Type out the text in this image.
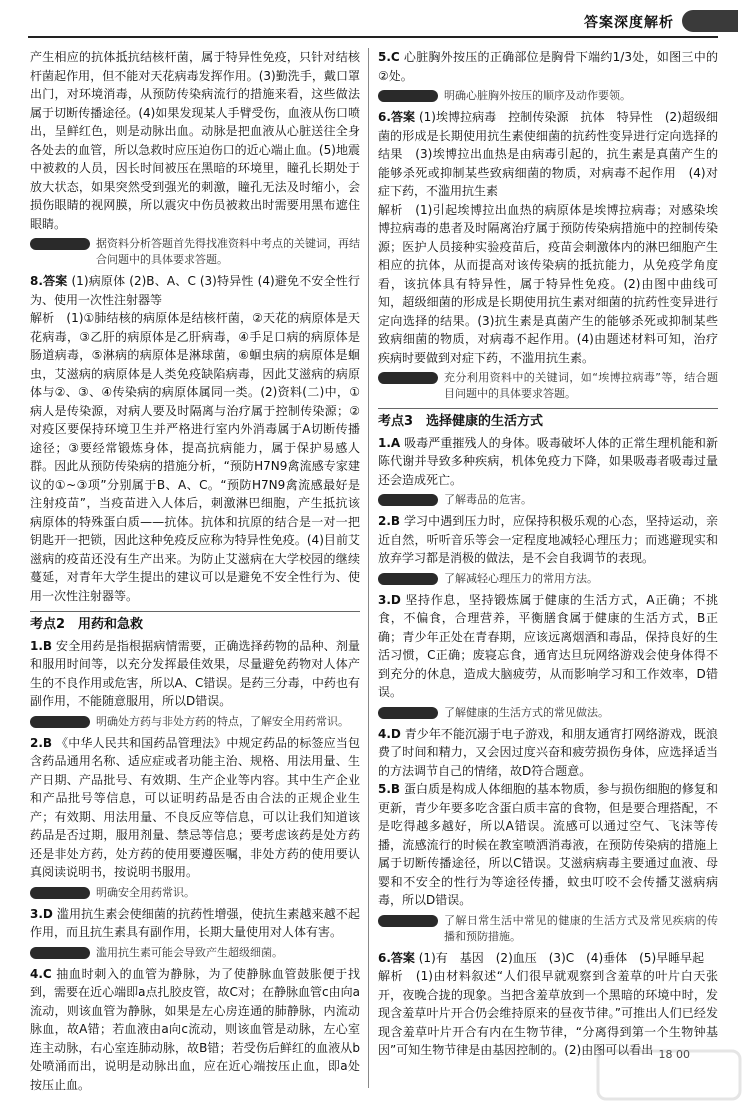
答案深度解析

产生相应的抗体抵抗结核杆菌，属于特异性免疫，只针对结核杆菌起作用，但不能对天花病毒发挥作用。(3)勤洗手，戴口罩出门，对环境消毒，从预防传染病流行的措施来看，这些做法属于切断传播途径。(4)如果发现某人手臂受伤，血液从伤口喷出，呈鲜红色，则是动脉出血。动脉是把血液从心脏送往全身各处去的血管，所以急救时应压迫伤口的近心端止血。(5)地震中被救的人员，因长时间被压在黑暗的环境里，瞳孔长期处于放大状态，如果突然受到强光的刺激，瞳孔无法及时缩小，会损伤眼睛的视网膜，所以震灾中伤员被救出时需要用黑布遮住眼睛。

据资料分析答题首先得找准资料中考点的关键词，再结合问题中的具体要求答题。

8.答案 (1)病原体 (2)B、A、C (3)特异性 (4)避免不安全性行为、使用一次性注射器等

解析　(1)①肺结核的病原体是结核杆菌，②天花的病原体是天花病毒，③乙肝的病原体是乙肝病毒，④手足口病的病原体是肠道病毒，⑤淋病的病原体是淋球菌，⑥蛔虫病的病原体是蛔虫，艾滋病的病原体是人类免疫缺陷病毒，因此艾滋病的病原体与②、③、④传染病的病原体属同一类。(2)资料(二)中，①病人是传染源，对病人要及时隔离与治疗属于控制传染源；②对疫区要保持环境卫生并严格进行室内外消毒属于A切断传播途径；③要经常锻炼身体，提高抗病能力，属于保护易感人群。因此从预防传染病的措施分析，“预防H7N9禽流感专家建议的①~③项”分别属于B、A、C。“预防H7N9禽流感最好是注射疫苗”，当疫苗进入人体后，刺激淋巴细胞，产生抵抗该病原体的特殊蛋白质——抗体。抗体和抗原的结合是一对一把钥匙开一把锁，因此这种免疫反应称为特异性免疫。(4)目前艾滋病的疫苗还没有生产出来。为防止艾滋病在大学校园的继续蔓延，对青年大学生提出的建议可以是避免不安全性行为、使用一次性注射器等。

考点2　用药和急救

1.B 安全用药是指根据病情需要，正确选择药物的品种、剂量和服用时间等，以充分发挥最佳效果，尽量避免药物对人体产生的不良作用或危害，所以A、C错误。是药三分毒，中药也有副作用，不能随意服用，所以D错误。

明确处方药与非处方药的特点，了解安全用药常识。

2.B 《中华人民共和国药品管理法》中规定药品的标签应当包含药品通用名称、适应症或者功能主治、规格、用法用量、生产日期、产品批号、有效期、生产企业等内容。其中生产企业和产品批号等信息，可以证明药品是否由合法的正规企业生产；有效期、用法用量、不良反应等信息，可以让我们知道该药品是否过期，服用剂量、禁忌等信息；要考虑该药是处方药还是非处方药，处方药的使用要遵医嘱，非处方药的使用要认真阅读说明书，按说明书服用。

明确安全用药常识。

3.D 滥用抗生素会使细菌的抗药性增强，使抗生素越来越不起作用，而且抗生素具有副作用，长期大量使用对人体有害。

滥用抗生素可能会导致产生超级细菌。

4.C 抽血时刺入的血管为静脉，为了使静脉血管鼓胀便于找到，需要在近心端即a点扎胶皮管，故C对；在静脉血管c由向a流动，则该血管为静脉，如果是左心房连通的肺静脉，内流动脉血，故A错；若血液由a向c流动，则该血管是动脉，左心室连主动脉，右心室连肺动脉，故B错；若受伤后鲜红的血液从b处喷涌而出，说明是动脉出血，应在近心端按压止血，即a处按压止血。

5.C 心脏胸外按压的正确部位是胸骨下端约1/3处，如图三中的②处。

明确心脏胸外按压的顺序及动作要领。

6.答案 (1)埃博拉病毒　控制传染源　抗体　特异性　(2)超级细菌的形成是长期使用抗生素使细菌的抗药性变异进行定向选择的结果　(3)埃博拉出血热是由病毒引起的，抗生素是真菌产生的能够杀死或抑制某些致病细菌的物质，对病毒不起作用　(4)对症下药，不滥用抗生素

解析　(1)引起埃博拉出血热的病原体是埃博拉病毒；对感染埃博拉病毒的患者及时隔离治疗属于预防传染病措施中的控制传染源；医护人员接种实验疫苗后，疫苗会刺激体内的淋巴细胞产生相应的抗体，从而提高对该传染病的抵抗能力，从免疫学角度看，该抗体具有特异性，属于特异性免疫。(2)由图中曲线可知，超级细菌的形成是长期使用抗生素对细菌的抗药性变异进行定向选择的结果。(3)抗生素是真菌产生的能够杀死或抑制某些致病细菌的物质，对病毒不起作用。(4)由题述材料可知，治疗疾病时要做到对症下药，不滥用抗生素。

充分利用资料中的关键词，如“埃博拉病毒”等，结合题目问题中的具体要求答题。
考点3　选择健康的生活方式

1.A 吸毒严重摧残人的身体。吸毒破坏人体的正常生理机能和新陈代谢并导致多种疾病，机体免疫力下降，如果吸毒者吸毒过量还会造成死亡。

了解毒品的危害。

2.B 学习中遇到压力时，应保持积极乐观的心态，坚持运动，亲近自然，听听音乐等会一定程度地减轻心理压力；而逃避现实和放弃学习都是消极的做法，是不会自我调节的表现。

了解减轻心理压力的常用方法。

3.D 坚持作息，坚持锻炼属于健康的生活方式，A正确；不挑食，不偏食，合理营养，平衡膳食属于健康的生活方式，B正确；青少年正处在青春期，应该远离烟酒和毒品，保持良好的生活习惯，C正确；废寝忘食，通宵达旦玩网络游戏会使身体得不到充分的休息，造成大脑疲劳，从而影响学习和工作效率，D错误。

了解健康的生活方式的常见做法。

4.D 青少年不能沉溺于电子游戏，和朋友通宵打网络游戏，既浪费了时间和精力，又会因过度兴奋和疲劳损伤身体，应选择适当的方法调节自己的情绪，故D符合题意。

5.B 蛋白质是构成人体细胞的基本物质，参与损伤细胞的修复和更新，青少年要多吃含蛋白质丰富的食物，但是要合理搭配，不是吃得越多越好，所以A错误。流感可以通过空气、飞沫等传播，流感流行的时候在教室喷洒消毒液，在预防传染病的措施上属于切断传播途径，所以C错误。艾滋病病毒主要通过血液、母婴和不安全的性行为等途径传播，蚊虫叮咬不会传播艾滋病病毒，所以D错误。

了解日常生活中常见的健康的生活方式及常见疾病的传播和预防措施。

6.答案 (1)有　基因　(2)血压　(3)C　(4)垂体　(5)早睡早起

解析　(1)由材料叙述“人们很早就观察到含羞草的叶片白天张开，夜晚合拢的现象。当把含羞草放到一个黑暗的环境中时，发现含羞草叶片开合仍会维持原来的昼夜节律。”可推出人们已经发现含羞草叶片开合有内在生物节律，“分离得到第一个生物钟基因”可知生物节律是由基因控制的。(2)由图可以看出 18 00
